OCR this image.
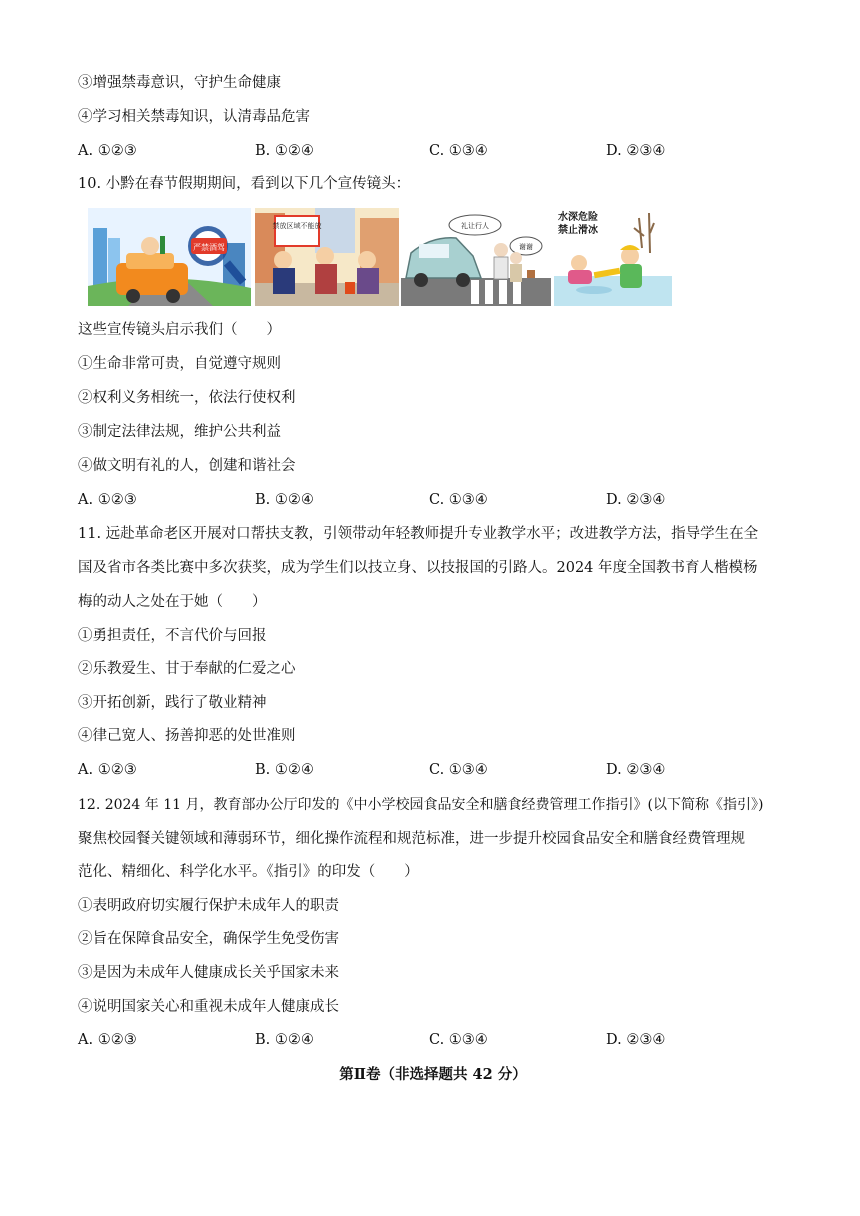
③增强禁毒意识，守护生命健康
④学习相关禁毒知识，认清毒品危害
A. ①②③	B. ①②④	C. ①③④	D. ②③④
10. 小黔在春节假期期间，看到以下几个宣传镜头：
严禁酒驾
禁放区域不能放	礼让行人
谢谢
水深危险
禁止滑冰
这些宣传镜头启示我们（　　）
①生命非常可贵，自觉遵守规则
②权利义务相统一，依法行使权利
③制定法律法规，维护公共利益
④做文明有礼的人，创建和谐社会
A. ①②③	B. ①②④	C. ①③④	D. ②③④
11. 远赴革命老区开展对口帮扶支教，引领带动年轻教师提升专业教学水平；改进教学方法，指导学生在全
国及省市各类比赛中多次获奖，成为学生们以技立身、以技报国的引路人。2024 年度全国教书育人楷模杨
梅的动人之处在于她（　　）
①勇担责任，不言代价与回报
②乐教爱生、甘于奉献的仁爱之心
③开拓创新，践行了敬业精神
④律己宽人、扬善抑恶的处世准则
A. ①②③	B. ①②④	C. ①③④	D. ②③④
12. 2024 年 11 月，教育部办公厅印发的《中小学校园食品安全和膳食经费管理工作指引》(以下简称《指引》)
聚焦校园餐关键领域和薄弱环节，细化操作流程和规范标准，进一步提升校园食品安全和膳食经费管理规
范化、精细化、科学化水平。《指引》的印发（　　）
①表明政府切实履行保护未成年人的职责
②旨在保障食品安全，确保学生免受伤害
③是因为未成年人健康成长关乎国家未来
④说明国家关心和重视未成年人健康成长
A. ①②③	B. ①②④	C. ①③④	D. ②③④
第Ⅱ卷（非选择题共 42 分）
